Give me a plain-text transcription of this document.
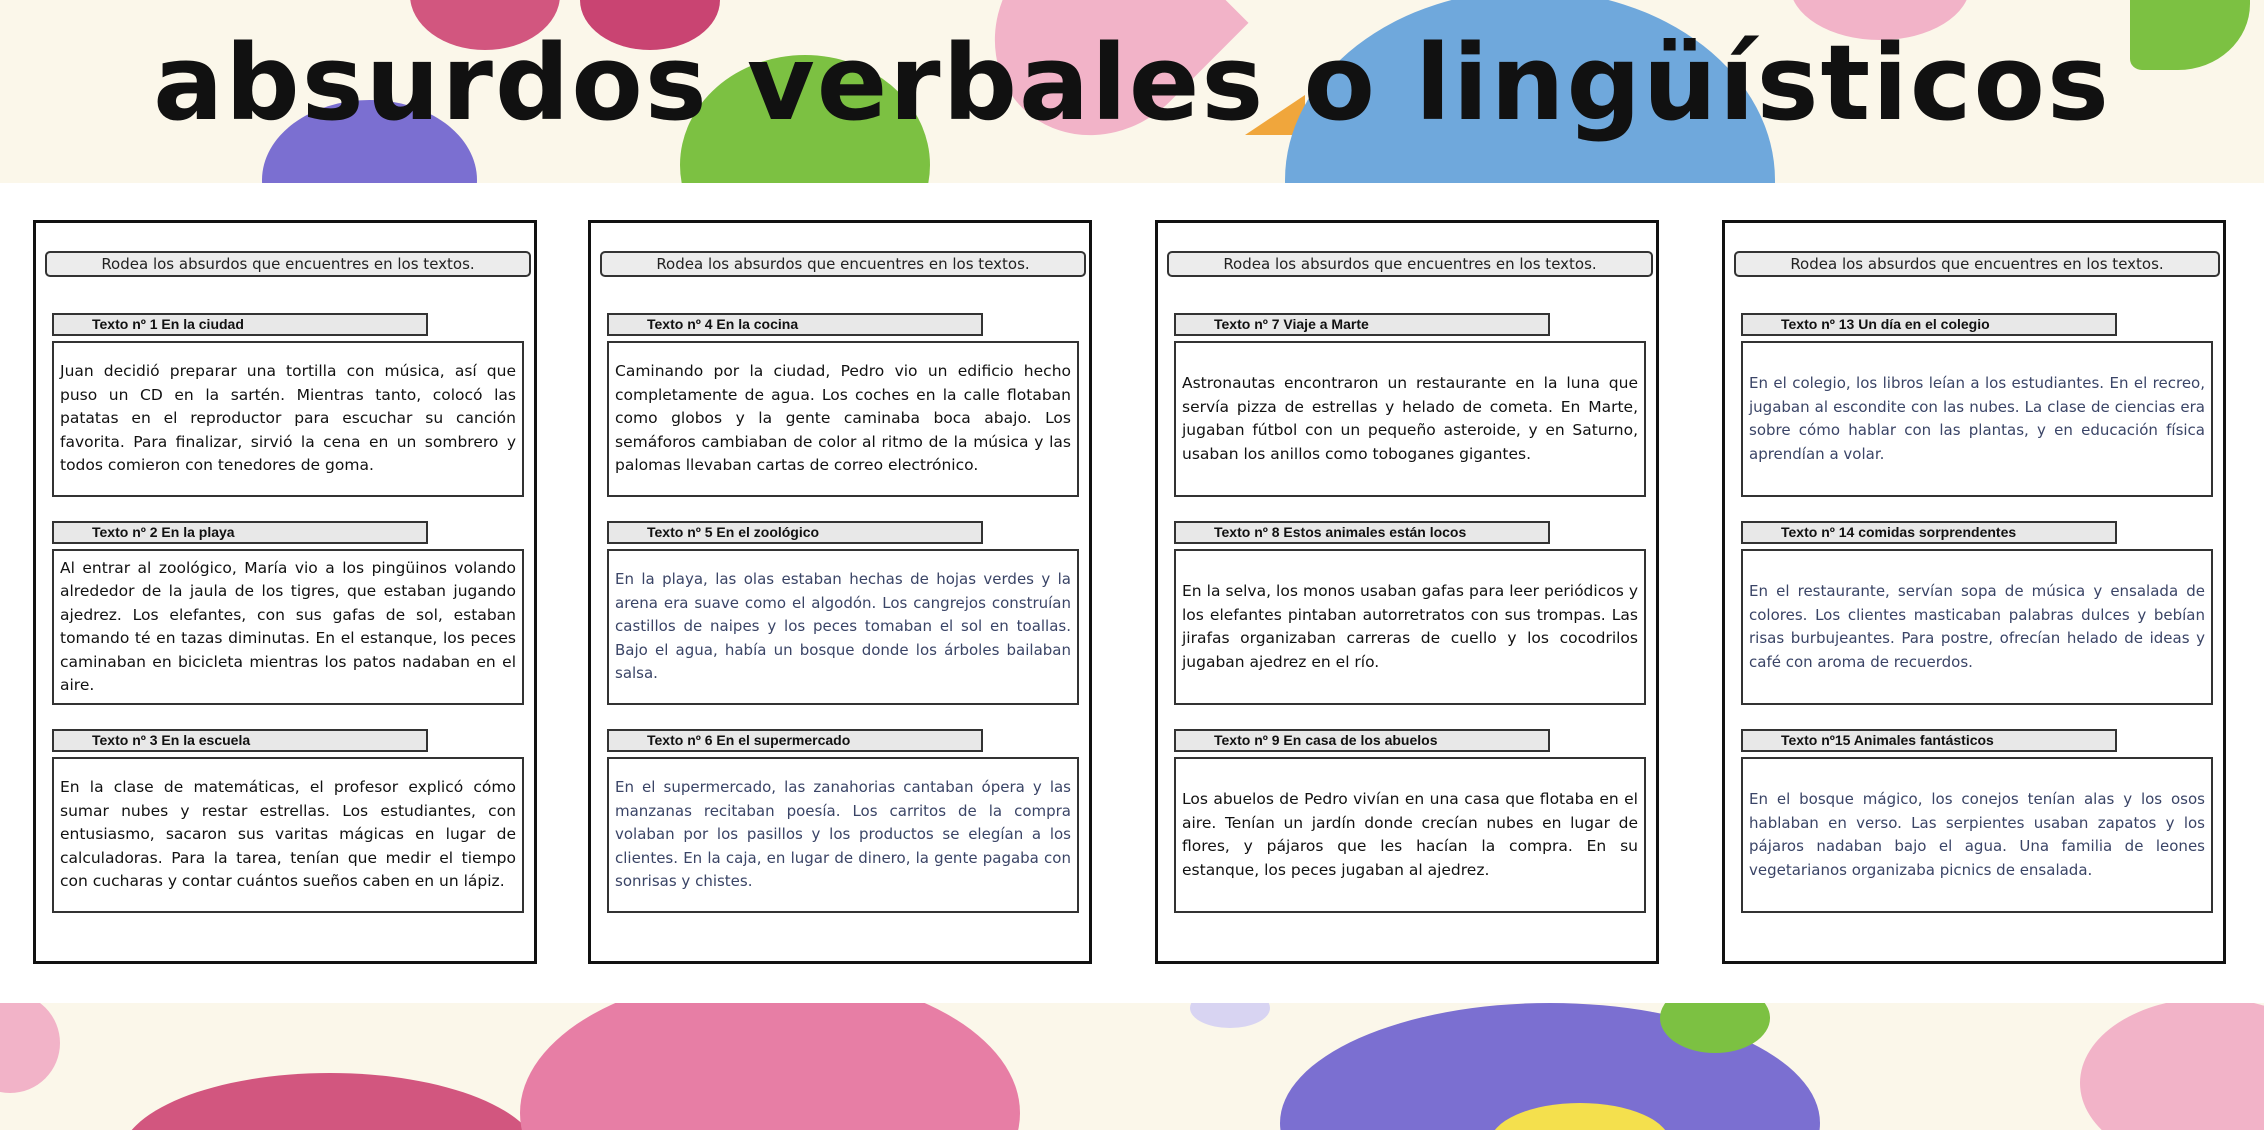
absurdos verbales o lingüísticos
Rodea los absurdos que encuentres en los textos.
Texto nº 1 En la ciudad

Juan decidió preparar una tortilla con música, así que puso un CD en la sartén. Mientras tanto, colocó las patatas en el reproductor para escuchar su canción favorita. Para finalizar, sirvió la cena en un sombrero y todos comieron con tenedores de goma.

Texto nº 2 En la playa

Al entrar al zoológico, María vio a los pingüinos volando alrededor de la jaula de los tigres, que estaban jugando ajedrez. Los elefantes, con sus gafas de sol, estaban tomando té en tazas diminutas. En el estanque, los peces caminaban en bicicleta mientras los patos nadaban en el aire.

Texto nº 3 En la escuela

En la clase de matemáticas, el profesor explicó cómo sumar nubes y restar estrellas. Los estudiantes, con entusiasmo, sacaron sus varitas mágicas en lugar de calculadoras. Para la tarea, tenían que medir el tiempo con cucharas y contar cuántos sueños caben en un lápiz.

Rodea los absurdos que encuentres en los textos.
Texto nº 4 En la cocina

Caminando por la ciudad, Pedro vio un edificio hecho completamente de agua. Los coches en la calle flotaban como globos y la gente caminaba boca abajo. Los semáforos cambiaban de color al ritmo de la música y las palomas llevaban cartas de correo electrónico.

Texto nº 5 En el zoológico

En la playa, las olas estaban hechas de hojas verdes y la arena era suave como el algodón. Los cangrejos construían castillos de naipes y los peces tomaban el sol en toallas. Bajo el agua, había un bosque donde los árboles bailaban salsa.

Texto nº 6 En el supermercado

En el supermercado, las zanahorias cantaban ópera y las manzanas recitaban poesía. Los carritos de la compra volaban por los pasillos y los productos se elegían a los clientes. En la caja, en lugar de dinero, la gente pagaba con sonrisas y chistes.

Rodea los absurdos que encuentres en los textos.
Texto nº 7 Viaje a Marte

Astronautas encontraron un restaurante en la luna que servía pizza de estrellas y helado de cometa. En Marte, jugaban fútbol con un pequeño asteroide, y en Saturno, usaban los anillos como toboganes gigantes.

Texto nº 8 Estos animales están locos

En la selva, los monos usaban gafas para leer periódicos y los elefantes pintaban autorretratos con sus trompas. Las jirafas organizaban carreras de cuello y los cocodrilos jugaban ajedrez en el río.

Texto nº 9 En casa de los abuelos

Los abuelos de Pedro vivían en una casa que flotaba en el aire. Tenían un jardín donde crecían nubes en lugar de flores, y pájaros que les hacían la compra. En su estanque, los peces jugaban al ajedrez.

Rodea los absurdos que encuentres en los textos.
Texto nº 13 Un día en el colegio

En el colegio, los libros leían a los estudiantes. En el recreo, jugaban al escondite con las nubes. La clase de ciencias era sobre cómo hablar con las plantas, y en educación física aprendían a volar.

Texto nº 14 comidas sorprendentes

En el restaurante, servían sopa de música y ensalada de colores. Los clientes masticaban palabras dulces y bebían risas burbujeantes. Para postre, ofrecían helado de ideas y café con aroma de recuerdos.

Texto nº15 Animales fantásticos

En el bosque mágico, los conejos tenían alas y los osos hablaban en verso. Las serpientes usaban zapatos y los pájaros nadaban bajo el agua. Una familia de leones vegetarianos organizaba picnics de ensalada.
